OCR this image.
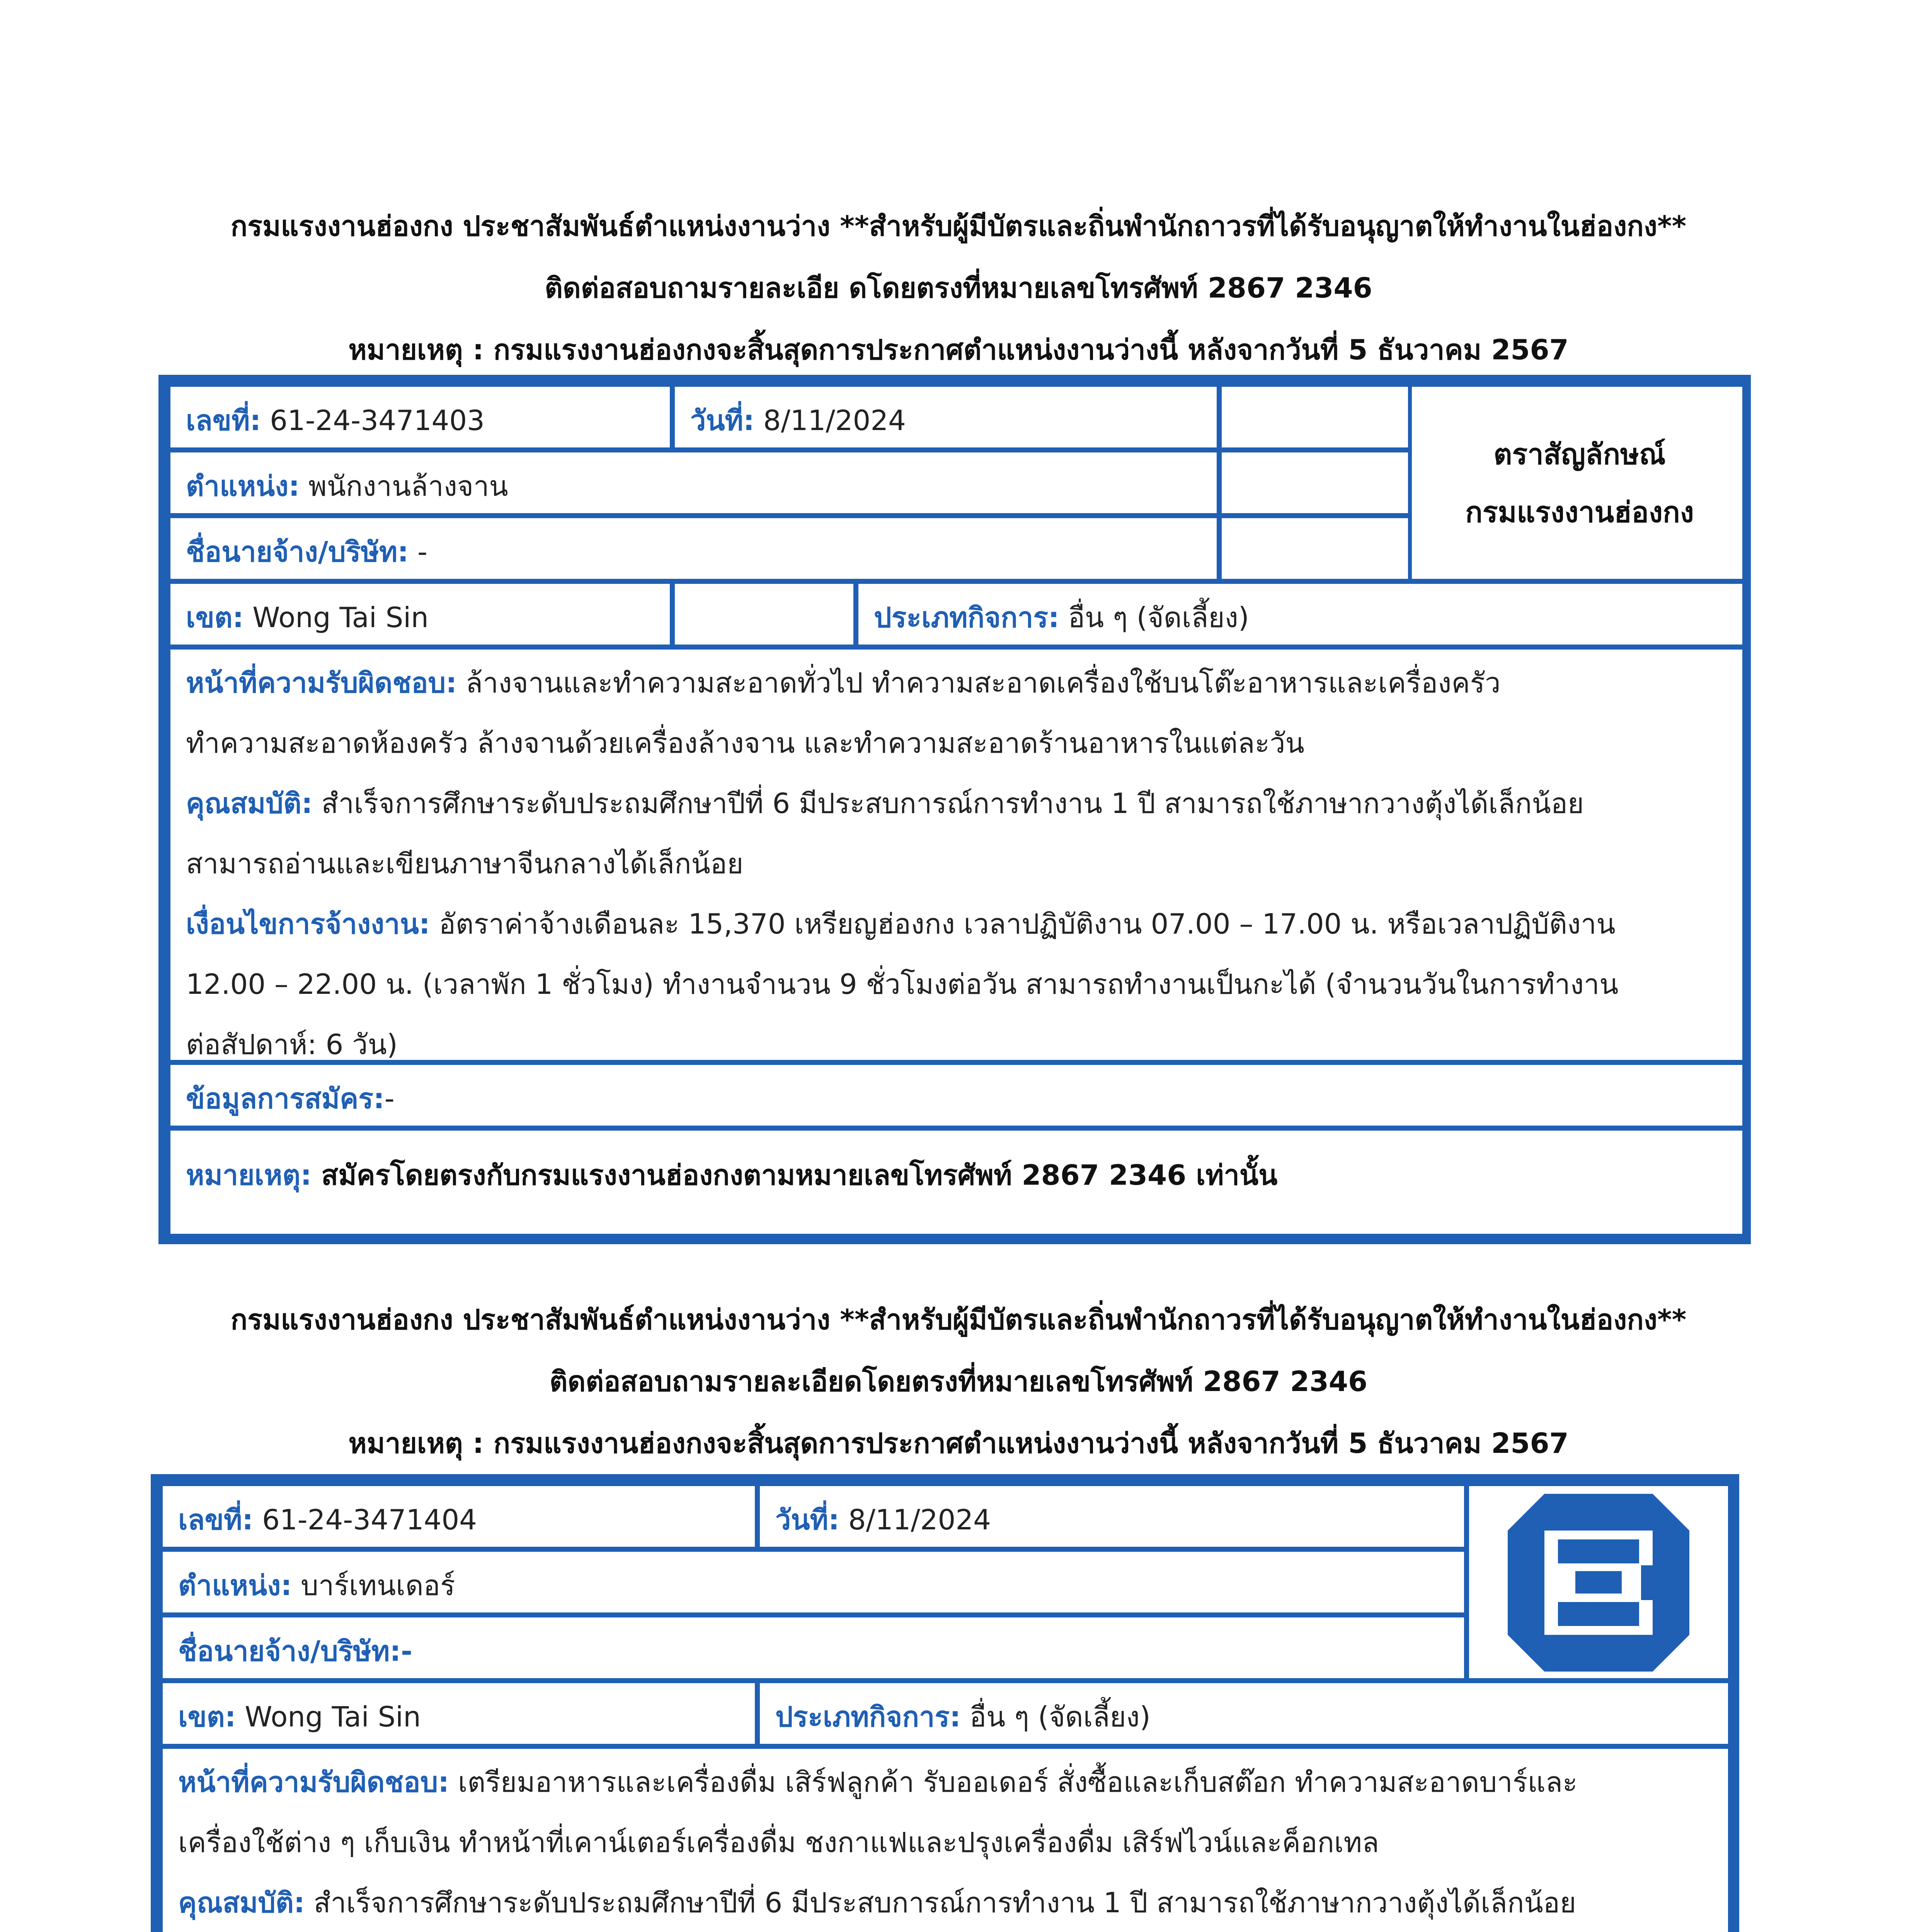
กรมแรงงานฮ่องกง ประชาสัมพันธ์ตำแหน่งงานว่าง **สำหรับผู้มีบัตรและถิ่นพำนักถาวรที่ได้รับอนุญาตให้ทำงานในฮ่องกง**
ติดต่อสอบถามรายละเอีย ดโดยตรงที่หมายเลขโทรศัพท์ 2867 2346
หมายเหตุ : กรมแรงงานฮ่องกงจะสิ้นสุดการประกาศตำแหน่งงานว่างนี้ หลังจากวันที่ 5 ธันวาคม 2567
เลขที่: 61-24-3471403	วันที่: 8/11/2024
ตราสัญลักษณ์
กรมแรงงานฮ่องกง
ตำแหน่ง: พนักงานล้างจาน
ชื่อนายจ้าง/บริษัท: -
เขต: Wong Tai Sin	ประเภทกิจการ: อื่น ๆ (จัดเลี้ยง)
หน้าที่ความรับผิดชอบ: ล้างจานและทำความสะอาดทั่วไป ทำความสะอาดเครื่องใช้บนโต๊ะอาหารและเครื่องครัว
ทำความสะอาดห้องครัว ล้างจานด้วยเครื่องล้างจาน และทำความสะอาดร้านอาหารในแต่ละวัน
คุณสมบัติ: สำเร็จการศึกษาระดับประถมศึกษาปีที่ 6 มีประสบการณ์การทำงาน 1 ปี สามารถใช้ภาษากวางตุ้งได้เล็กน้อย
สามารถอ่านและเขียนภาษาจีนกลางได้เล็กน้อย
เงื่อนไขการจ้างงาน: อัตราค่าจ้างเดือนละ 15,370 เหรียญฮ่องกง เวลาปฏิบัติงาน 07.00 – 17.00 น. หรือเวลาปฏิบัติงาน
12.00 – 22.00 น. (เวลาพัก 1 ชั่วโมง) ทำงานจำนวน 9 ชั่วโมงต่อวัน สามารถทำงานเป็นกะได้ (จำนวนวันในการทำงาน
ต่อสัปดาห์: 6 วัน)
ข้อมูลการสมัคร:-
หมายเหตุ: สมัครโดยตรงกับกรมแรงงานฮ่องกงตามหมายเลขโทรศัพท์ 2867 2346 เท่านั้น
กรมแรงงานฮ่องกง ประชาสัมพันธ์ตำแหน่งงานว่าง **สำหรับผู้มีบัตรและถิ่นพำนักถาวรที่ได้รับอนุญาตให้ทำงานในฮ่องกง**
ติดต่อสอบถามรายละเอียดโดยตรงที่หมายเลขโทรศัพท์ 2867 2346
หมายเหตุ : กรมแรงงานฮ่องกงจะสิ้นสุดการประกาศตำแหน่งงานว่างนี้ หลังจากวันที่ 5 ธันวาคม 2567
เลขที่: 61-24-3471404	วันที่: 8/11/2024
ตำแหน่ง: บาร์เทนเดอร์
ชื่อนายจ้าง/บริษัท:-
เขต: Wong Tai Sin	ประเภทกิจการ: อื่น ๆ (จัดเลี้ยง)
หน้าที่ความรับผิดชอบ: เตรียมอาหารและเครื่องดื่ม เสิร์ฟลูกค้า รับออเดอร์ สั่งซื้อและเก็บสต๊อก ทำความสะอาดบาร์และ
เครื่องใช้ต่าง ๆ เก็บเงิน ทำหน้าที่เคาน์เตอร์เครื่องดื่ม ชงกาแฟและปรุงเครื่องดื่ม เสิร์ฟไวน์และค็อกเทล
คุณสมบัติ: สำเร็จการศึกษาระดับประถมศึกษาปีที่ 6 มีประสบการณ์การทำงาน 1 ปี สามารถใช้ภาษากวางตุ้งได้เล็กน้อย
